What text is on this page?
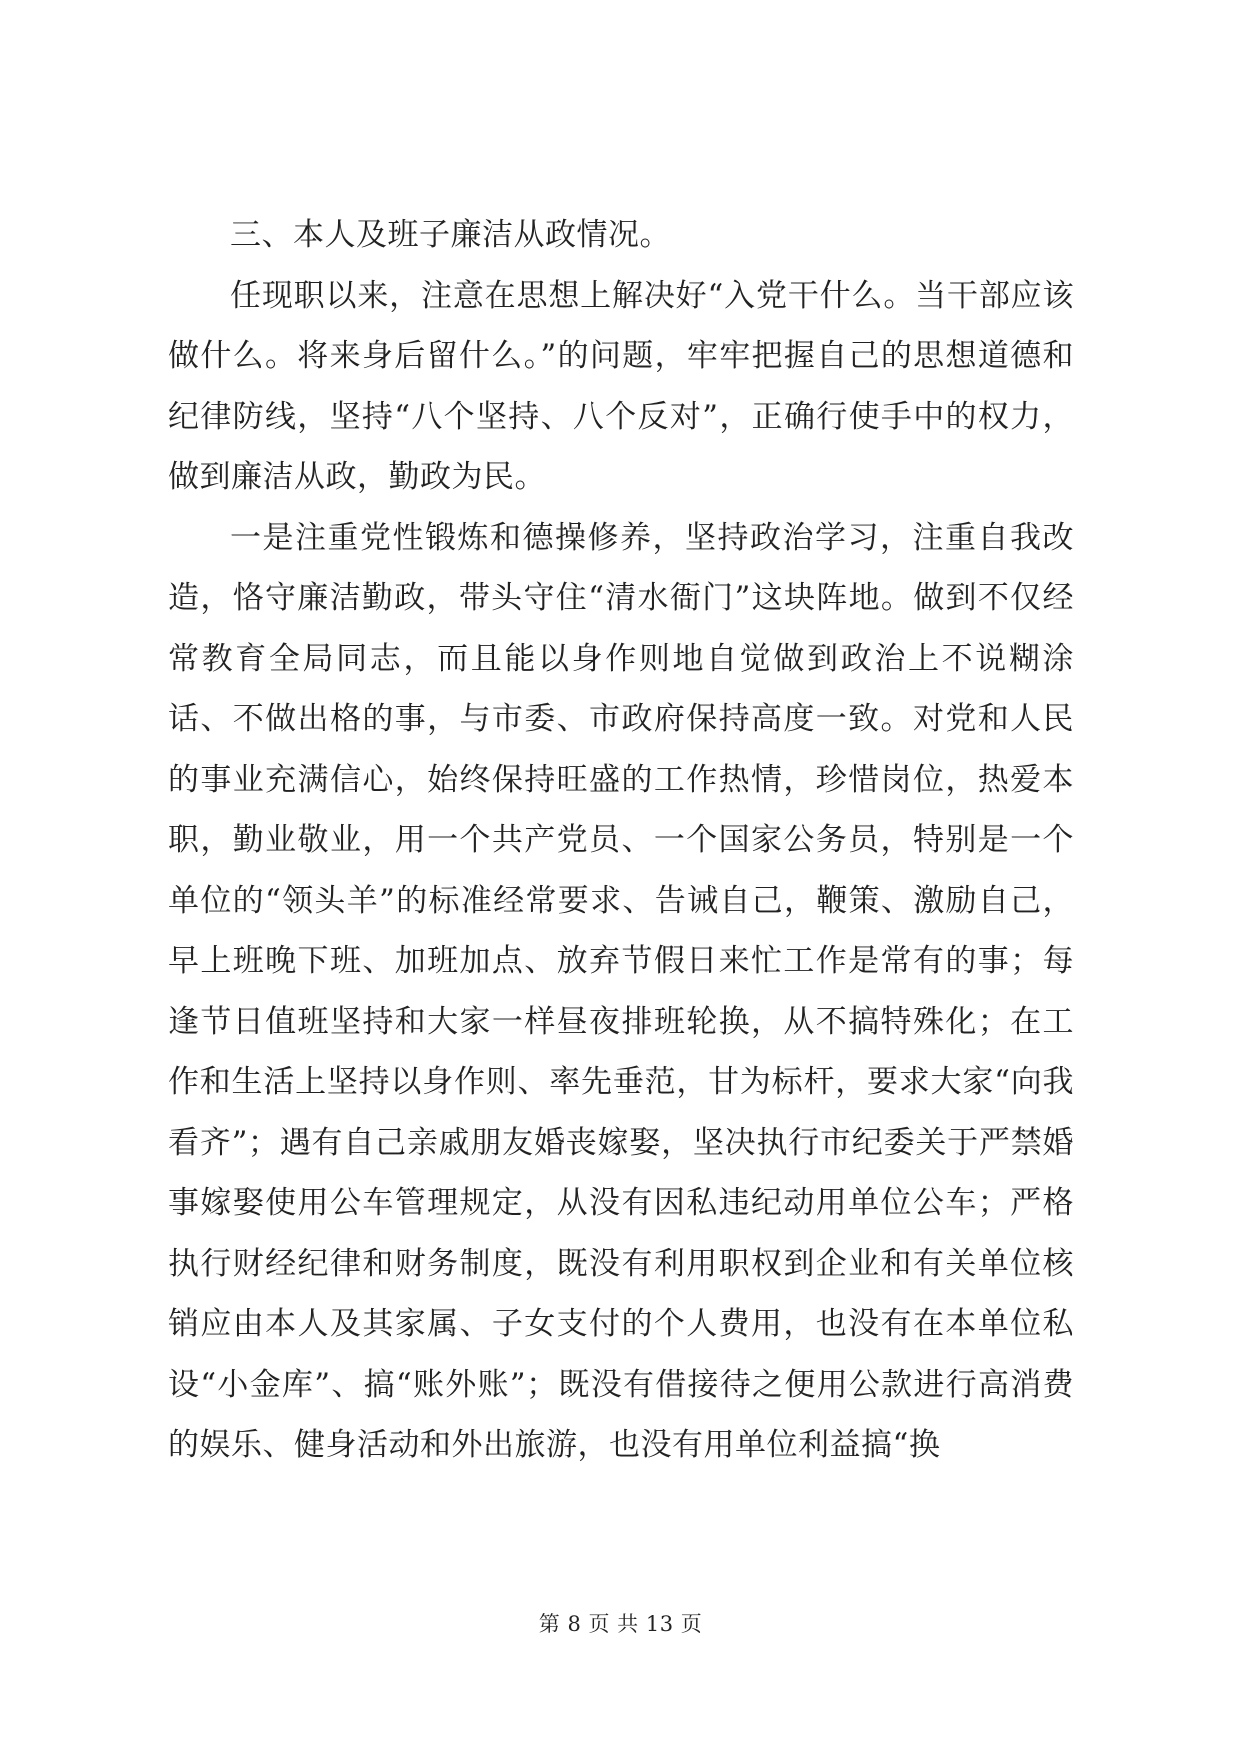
三、本人及班子廉洁从政情况。

任现职以来，注意在思想上解决好“入党干什么。当干部应该做什么。将来身后留什么。”的问题，牢牢把握自己的思想道德和纪律防线，坚持“八个坚持、八个反对”，正确行使手中的权力，做到廉洁从政，勤政为民。

一是注重党性锻炼和德操修养，坚持政治学习，注重自我改造，恪守廉洁勤政，带头守住“清水衙门”这块阵地。做到不仅经常教育全局同志，而且能以身作则地自觉做到政治上不说糊涂话、不做出格的事，与市委、市政府保持高度一致。对党和人民的事业充满信心，始终保持旺盛的工作热情，珍惜岗位，热爱本职，勤业敬业，用一个共产党员、一个国家公务员，特别是一个单位的“领头羊”的标准经常要求、告诫自己，鞭策、激励自己，早上班晚下班、加班加点、放弃节假日来忙工作是常有的事；每逢节日值班坚持和大家一样昼夜排班轮换，从不搞特殊化；在工作和生活上坚持以身作则、率先垂范，甘为标杆，要求大家“向我看齐”；遇有自己亲戚朋友婚丧嫁娶，坚决执行市纪委关于严禁婚事嫁娶使用公车管理规定，从没有因私违纪动用单位公车；严格执行财经纪律和财务制度，既没有利用职权到企业和有关单位核销应由本人及其家属、子女支付的个人费用，也没有在本单位私设“小金库”、搞“账外账”；既没有借接待之便用公款进行高消费的娱乐、健身活动和外出旅游，也没有用单位利益搞“换

第 8 页 共 13 页
